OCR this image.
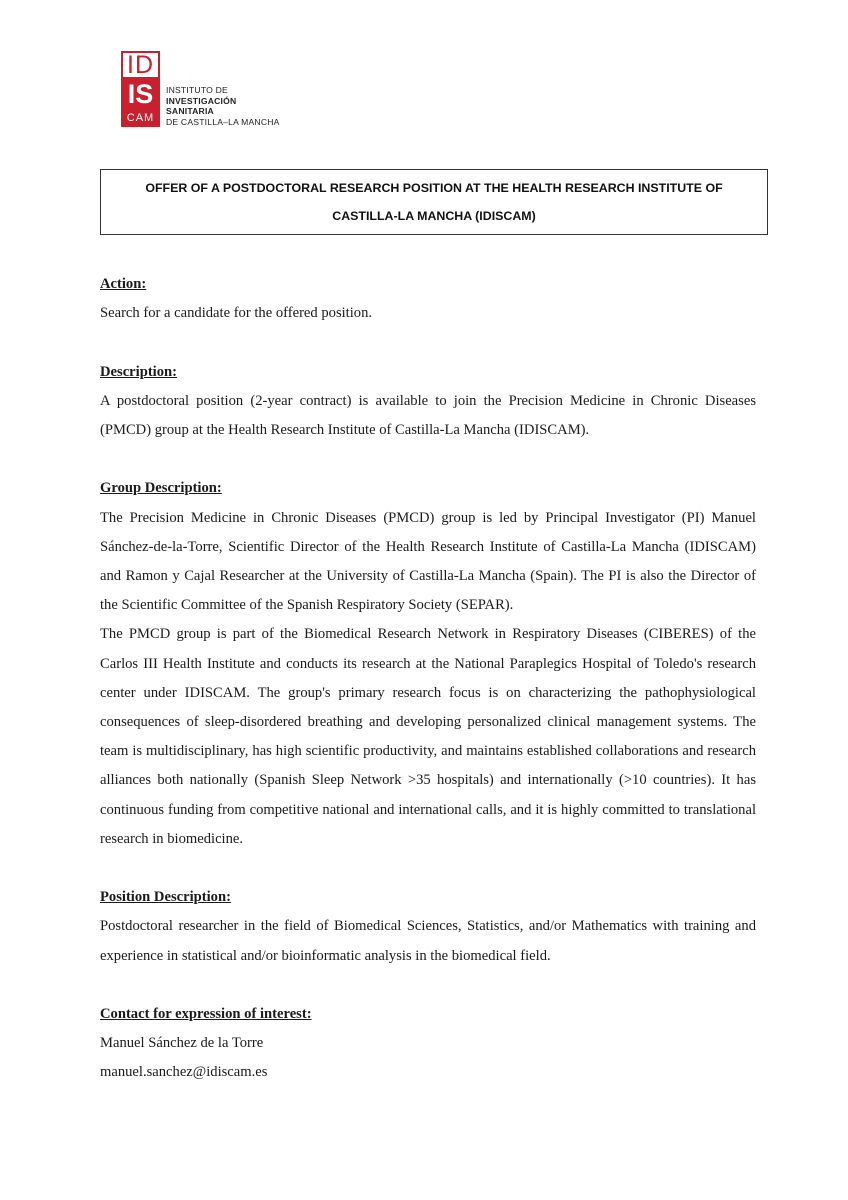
ID
IS
CAM
INSTITUTO DE
INVESTIGACIÓN
SANITARIA
DE CASTILLA–LA MANCHA
OFFER OF A POSTDOCTORAL RESEARCH POSITION AT THE HEALTH RESEARCH INSTITUTE OF
CASTILLA-LA MANCHA (IDISCAM)

Action:

Search for a candidate for the offered position.

Description:

A postdoctoral position (2-year contract) is available to join the Precision Medicine in Chronic Diseases (PMCD) group at the Health Research Institute of Castilla-La Mancha (IDISCAM).

Group Description:

The Precision Medicine in Chronic Diseases (PMCD) group is led by Principal Investigator (PI) Manuel Sánchez-de-la-Torre, Scientific Director of the Health Research Institute of Castilla-La Mancha (IDISCAM) and Ramon y Cajal Researcher at the University of Castilla-La Mancha (Spain). The PI is also the Director of the Scientific Committee of the Spanish Respiratory Society (SEPAR).

The PMCD group is part of the Biomedical Research Network in Respiratory Diseases (CIBERES) of the Carlos III Health Institute and conducts its research at the National Paraplegics Hospital of Toledo's research center under IDISCAM. The group's primary research focus is on characterizing the pathophysiological consequences of sleep-disordered breathing and developing personalized clinical management systems. The team is multidisciplinary, has high scientific productivity, and maintains established collaborations and research alliances both nationally (Spanish Sleep Network >35 hospitals) and internationally (>10 countries). It has continuous funding from competitive national and international calls, and it is highly committed to translational research in biomedicine.

Position Description:

Postdoctoral researcher in the field of Biomedical Sciences, Statistics, and/or Mathematics with training and experience in statistical and/or bioinformatic analysis in the biomedical field.

Contact for expression of interest:

Manuel Sánchez de la Torre

manuel.sanchez@idiscam.es
